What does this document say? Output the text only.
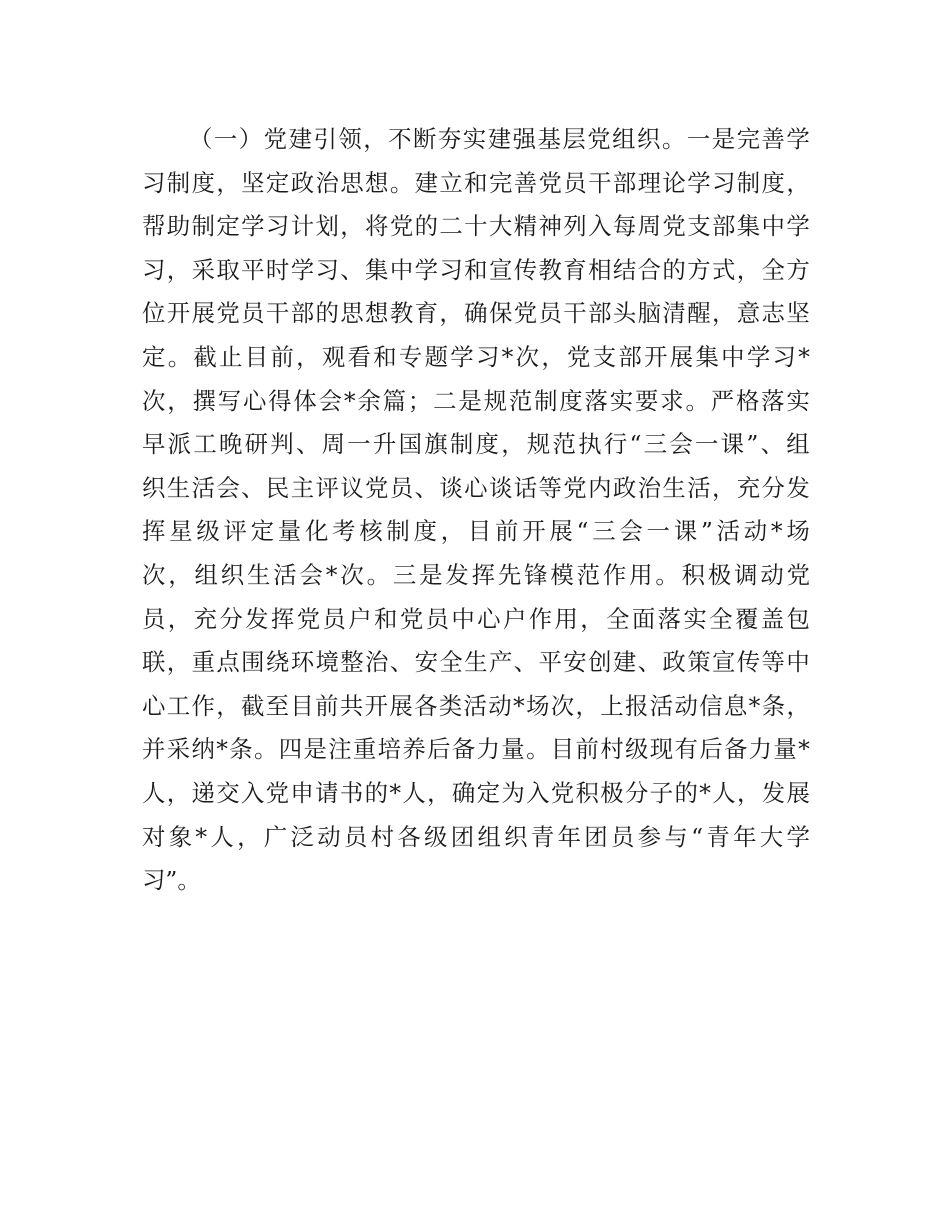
（ 一 ） 党 建 引 领 ， 不 断 夯 实 建 强 基 层 党 组 织 。 一 是 完 善 学
习 制 度 ， 坚 定 政 治 思 想 。 建 立 和 完 善 党 员 干 部 理 论 学 习 制 度 ，
帮 助 制 定 学 习 计 划 ， 将 党 的 二 十 大 精 神 列 入 每 周 党 支 部 集 中 学
习 ， 采 取 平 时 学 习 、 集 中 学 习 和 宣 传 教 育 相 结 合 的 方 式 ， 全 方
位 开 展 党 员 干 部 的 思 想 教 育 ， 确 保 党 员 干 部 头 脑 清 醒 ， 意 志 坚
定 。 截 止 目 前 ， 观 看 和 专 题 学 习 * 次 ， 党 支 部 开 展 集 中 学 习 *
次 ， 撰 写 心 得 体 会 * 余 篇 ； 二 是 规 范 制 度 落 实 要 求 。 严 格 落 实
早 派 工 晚 研 判 、 周 一 升 国 旗 制 度 ， 规 范 执 行 “ 三 会 一 课 ” 、 组
织 生 活 会 、 民 主 评 议 党 员 、 谈 心 谈 话 等 党 内 政 治 生 活 ， 充 分 发
挥 星 级 评 定 量 化 考 核 制 度 ， 目 前 开 展 “ 三 会 一 课 ” 活 动 * 场
次 ， 组 织 生 活 会 * 次 。 三 是 发 挥 先 锋 模 范 作 用 。 积 极 调 动 党
员 ， 充 分 发 挥 党 员 户 和 党 员 中 心 户 作 用 ， 全 面 落 实 全 覆 盖 包
联 ， 重 点 围 绕 环 境 整 治 、 安 全 生 产 、 平 安 创 建 、 政 策 宣 传 等 中
心 工 作 ， 截 至 目 前 共 开 展 各 类 活 动 * 场 次 ， 上 报 活 动 信 息 * 条 ，
并 采 纳 * 条 。 四 是 注 重 培 养 后 备 力 量 。 目 前 村 级 现 有 后 备 力 量 *
人 ， 递 交 入 党 申 请 书 的 * 人 ， 确 定 为 入 党 积 极 分 子 的 * 人 ， 发 展
对 象 * 人 ， 广 泛 动 员 村 各 级 团 组 织 青 年 团 员 参 与 “ 青 年 大 学
习 ” 。
